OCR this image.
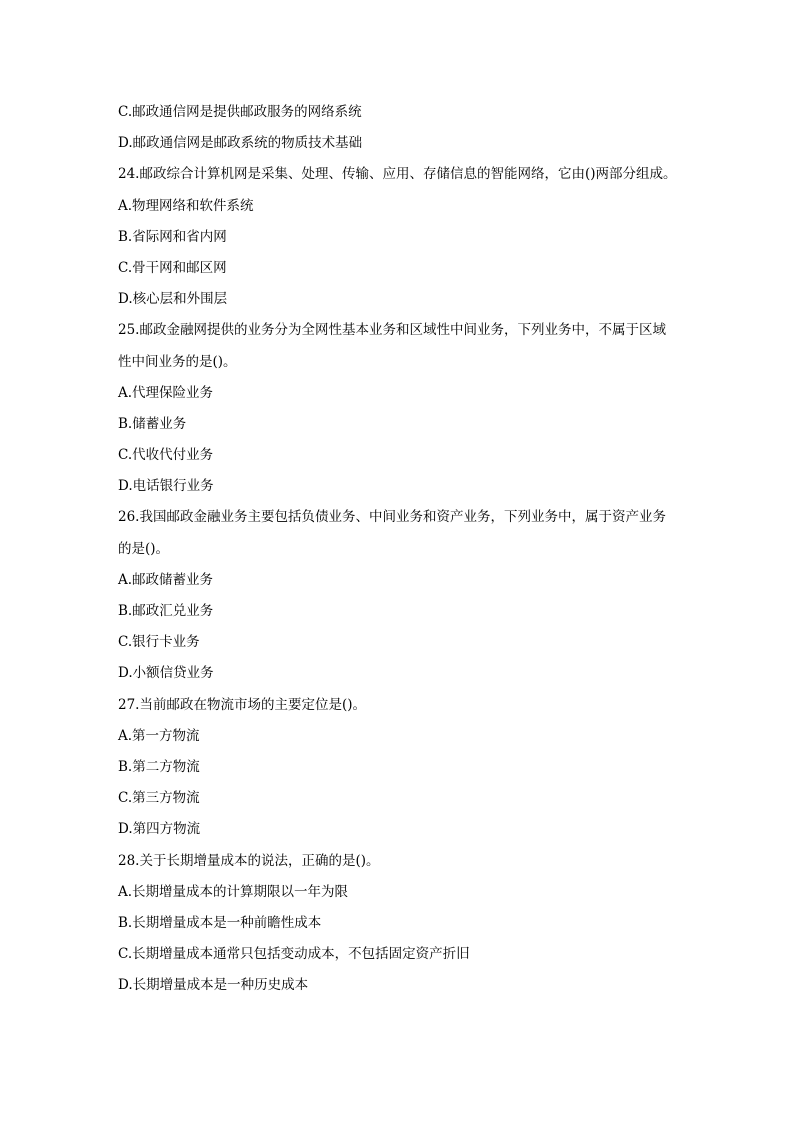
C.邮政通信网是提供邮政服务的网络系统
D.邮政通信网是邮政系统的物质技术基础
24.邮政综合计算机网是采集、处理、传输、应用、存储信息的智能网络，它由()两部分组成。
A.物理网络和软件系统
B.省际网和省内网
C.骨干网和邮区网
D.核心层和外围层
25.邮政金融网提供的业务分为全网性基本业务和区域性中间业务，下列业务中，不属于区域性中间业务的是()。
A.代理保险业务
B.储蓄业务
C.代收代付业务
D.电话银行业务
26.我国邮政金融业务主要包括负债业务、中间业务和资产业务，下列业务中，属于资产业务的是()。
A.邮政储蓄业务
B.邮政汇兑业务
C.银行卡业务
D.小额信贷业务
27.当前邮政在物流市场的主要定位是()。
A.第一方物流
B.第二方物流
C.第三方物流
D.第四方物流
28.关于长期增量成本的说法，正确的是()。
A.长期增量成本的计算期限以一年为限
B.长期增量成本是一种前瞻性成本
C.长期增量成本通常只包括变动成本，不包括固定资产折旧
D.长期增量成本是一种历史成本
